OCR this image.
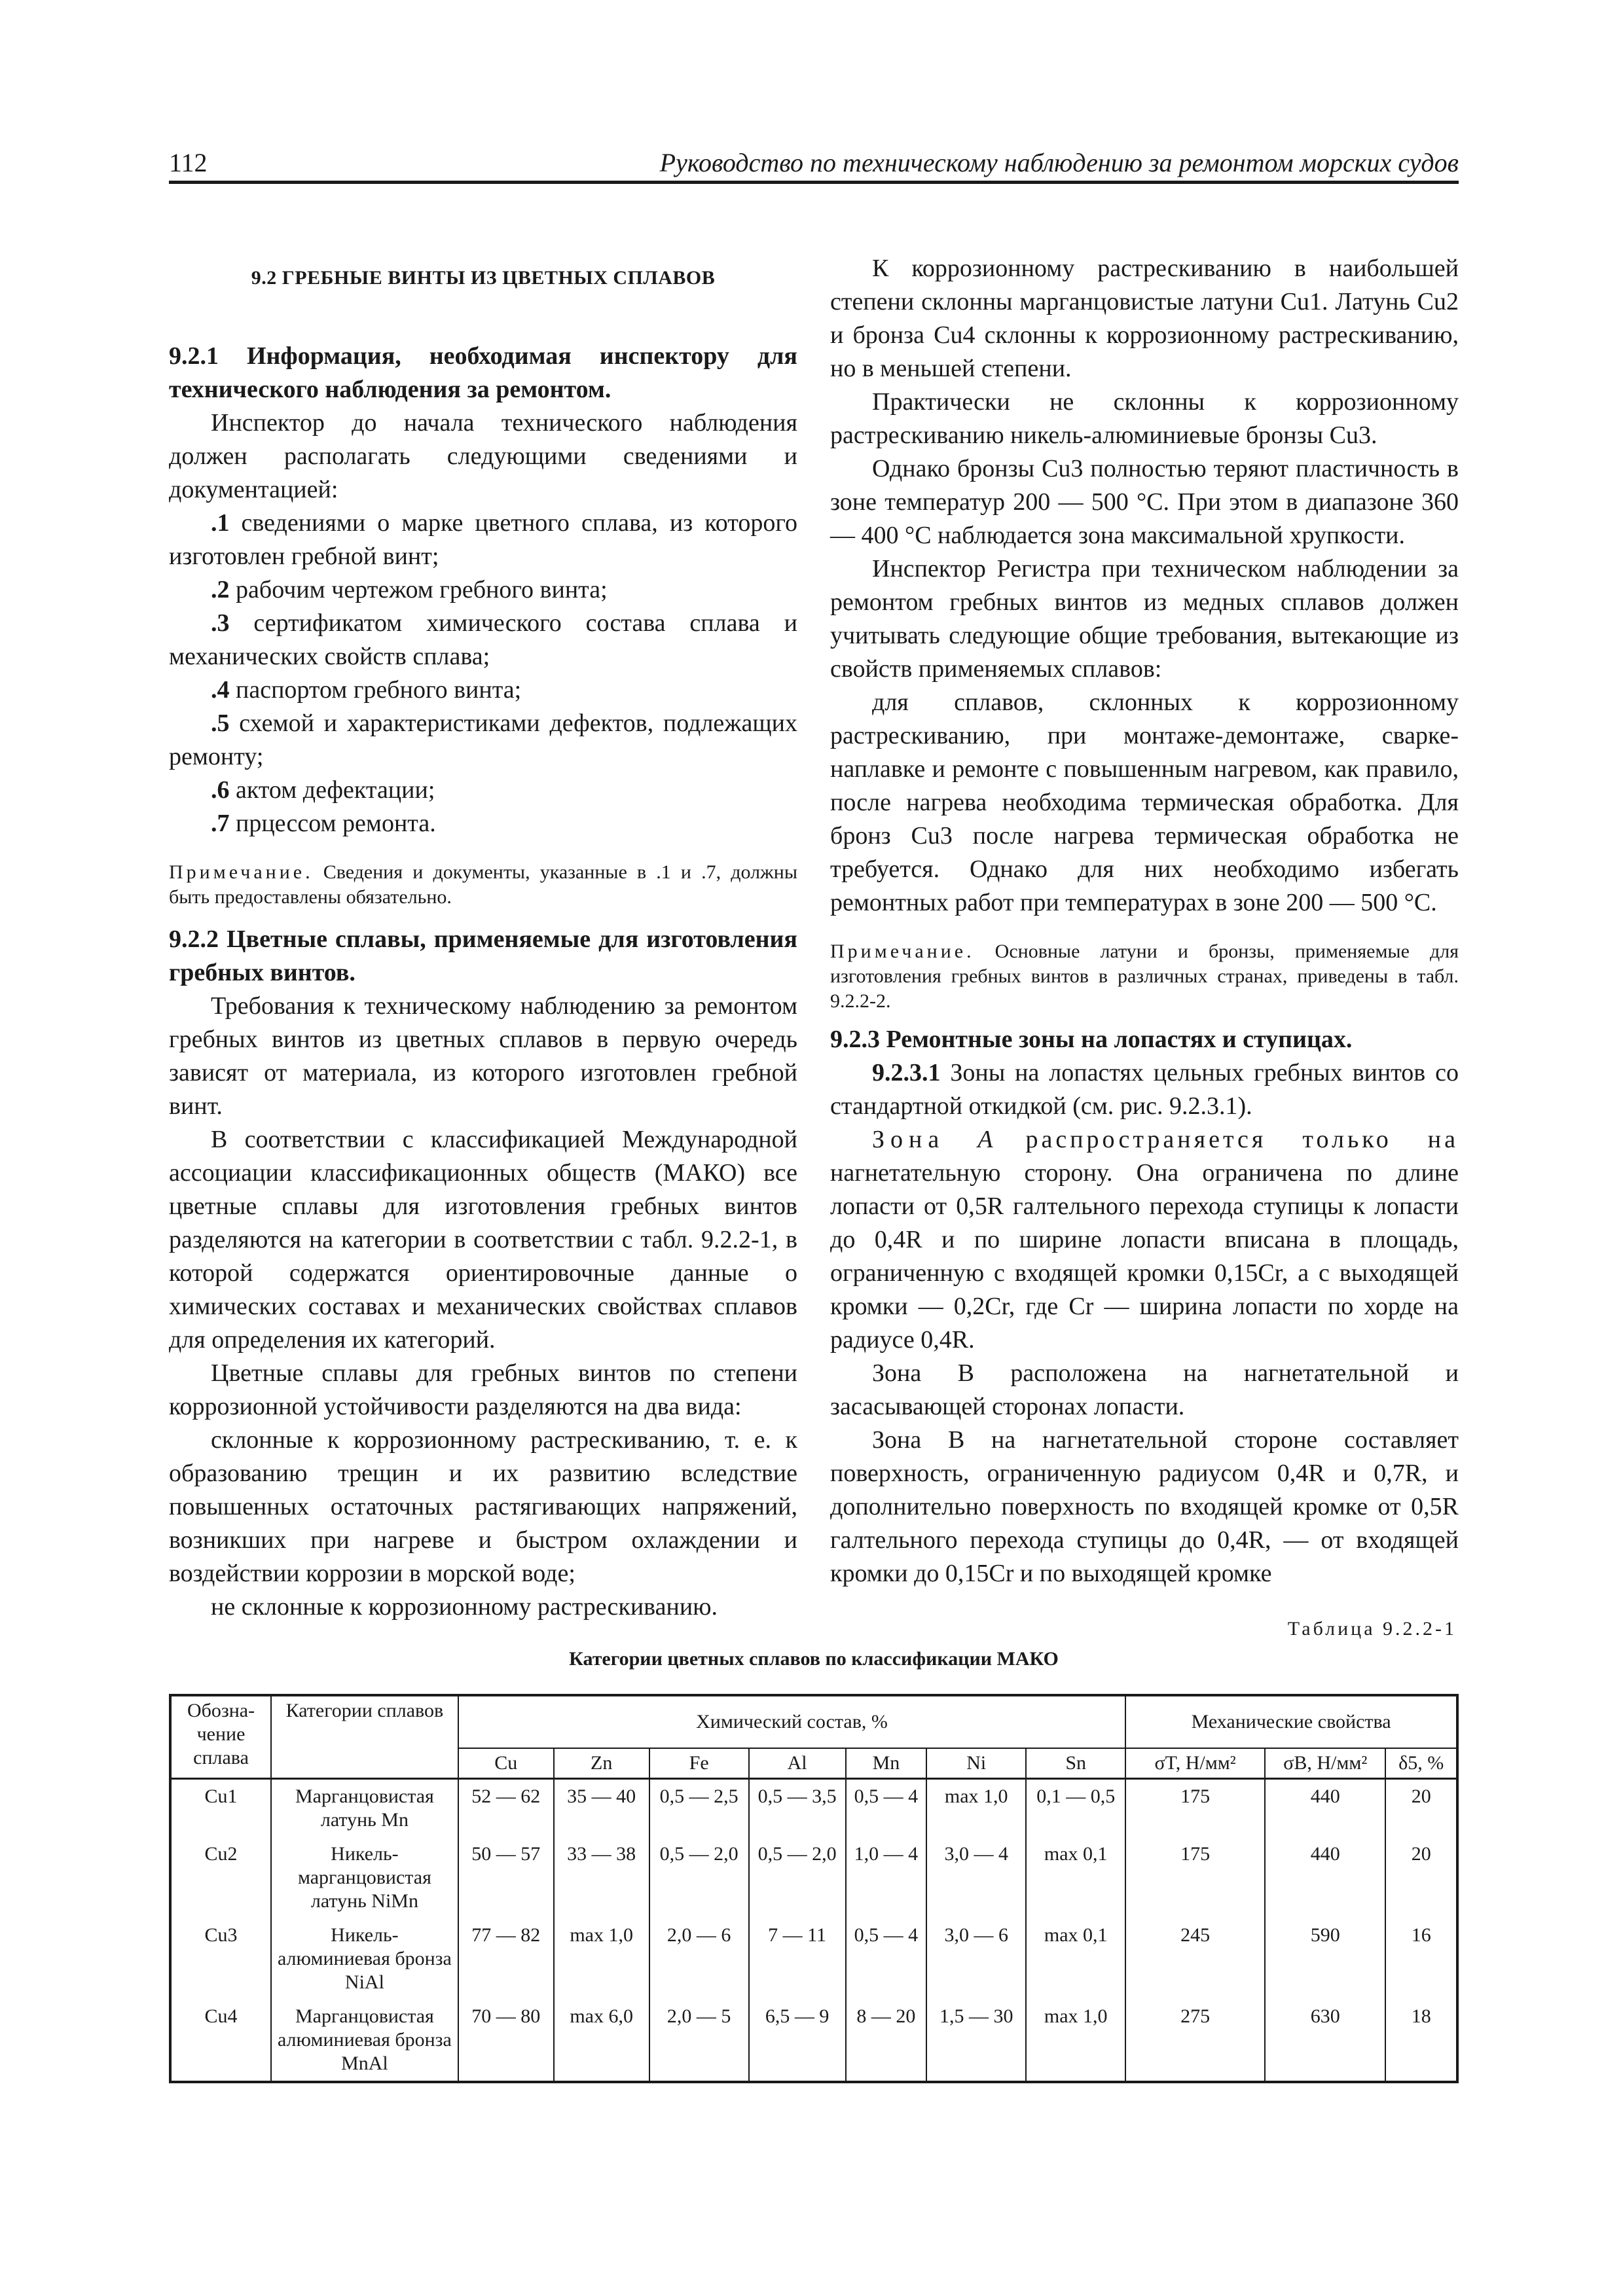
112	Руководство по техническому наблюдению за ремонтом морских судов
9.2 ГРЕБНЫЕ ВИНТЫ ИЗ ЦВЕТНЫХ СПЛАВОВ

9.2.1 Информация, необходимая инспектору для технического наблюдения за ремонтом.

Инспектор до начала технического наблюдения должен располагать следующими сведениями и документацией:

.1 сведениями о марке цветного сплава, из которого изготовлен гребной винт;

.2 рабочим чертежом гребного винта;

.3 сертификатом химического состава сплава и механических свойств сплава;

.4 паспортом гребного винта;

.5 схемой и характеристиками дефектов, подлежащих ремонту;

.6 актом дефектации;

.7 прцессом ремонта.

Примечание. Сведения и документы, указанные в .1 и .7, должны быть предоставлены обязательно.

9.2.2 Цветные сплавы, применяемые для изготовления гребных винтов.

Требования к техническому наблюдению за ремонтом гребных винтов из цветных сплавов в первую очередь зависят от материала, из которого изготовлен гребной винт.

В соответствии с классификацией Международной ассоциации классификационных обществ (МАКО) все цветные сплавы для изготовления гребных винтов разделяются на категории в соответствии с табл. 9.2.2-1, в которой содержатся ориентировочные данные о химических составах и механических свойствах сплавов для определения их категорий.

Цветные сплавы для гребных винтов по степени коррозионной устойчивости разделяются на два вида:

склонные к коррозионному растрескиванию, т. е. к образованию трещин и их развитию вследствие повышенных остаточных растягивающих напряжений, возникших при нагреве и быстром охлаждении и воздействии коррозии в морской воде;

не склонные к коррозионному растрескиванию.

К коррозионному растрескиванию в наибольшей степени склонны марганцовистые латуни Cu1. Латунь Cu2 и бронза Cu4 склонны к коррозионному растрескиванию, но в меньшей степени.

Практически не склонны к коррозионному растрескиванию никель-алюминиевые бронзы Cu3.

Однако бронзы Cu3 полностью теряют пластичность в зоне температур 200 — 500 °С. При этом в диапазоне 360 — 400 °С наблюдается зона максимальной хрупкости.

Инспектор Регистра при техническом наблюдении за ремонтом гребных винтов из медных сплавов должен учитывать следующие общие требования, вытекающие из свойств применяемых сплавов:

для сплавов, склонных к коррозионному растрескиванию, при монтаже-демонтаже, сварке-наплавке и ремонте с повышенным нагревом, как правило, после нагрева необходима термическая обработка. Для бронз Cu3 после нагрева термическая обработка не требуется. Однако для них необходимо избегать ремонтных работ при температурах в зоне 200 — 500 °С.

Примечание. Основные латуни и бронзы, применяемые для изготовления гребных винтов в различных странах, приведены в табл. 9.2.2-2.

9.2.3 Ремонтные зоны на лопастях и ступицах.

9.2.3.1 Зоны на лопастях цельных гребных винтов со стандартной откидкой (см. рис. 9.2.3.1).

Зона A распространяется только на нагнетательную сторону. Она ограничена по длине лопасти от 0,5R галтельного перехода ступицы к лопасти до 0,4R и по ширине лопасти вписана в площадь, ограниченную с входящей кромки 0,15Cr, а с выходящей кромки — 0,2Cr, где Cr — ширина лопасти по хорде на радиусе 0,4R.

Зона B расположена на нагнетательной и засасывающей сторонах лопасти.

Зона B на нагнетательной стороне составляет поверхность, ограниченную радиусом 0,4R и 0,7R, и дополнительно поверхность по входящей кромке от 0,5R галтельного перехода ступицы до 0,4R, — от входящей кромки до 0,15Cr и по выходящей кромке

Таблица 9.2.2-1
Категории цветных сплавов по классификации МАКО
Обозна-чение сплава	Категории сплавов	Химический состав, %							Механические свойства		
		Cu	Zn	Fe	Al	Mn	Ni	Sn	σT, Н/мм²	σB, Н/мм²	δ5, %
Cu1	Марганцовистая латунь Mn	52 — 62	35 — 40	0,5 — 2,5	0,5 — 3,5	0,5 — 4	max 1,0	0,1 — 0,5	175	440	20
Cu2	Никель-марганцовистая латунь NiMn	50 — 57	33 — 38	0,5 — 2,0	0,5 — 2,0	1,0 — 4	3,0 — 4	max 0,1	175	440	20
Cu3	Никель-алюминиевая бронза NiAl	77 — 82	max 1,0	2,0 — 6	7 — 11	0,5 — 4	3,0 — 6	max 0,1	245	590	16
Cu4	Марганцовистая алюминиевая бронза MnAl	70 — 80	max 6,0	2,0 — 5	6,5 — 9	8 — 20	1,5 — 30	max 1,0	275	630	18
